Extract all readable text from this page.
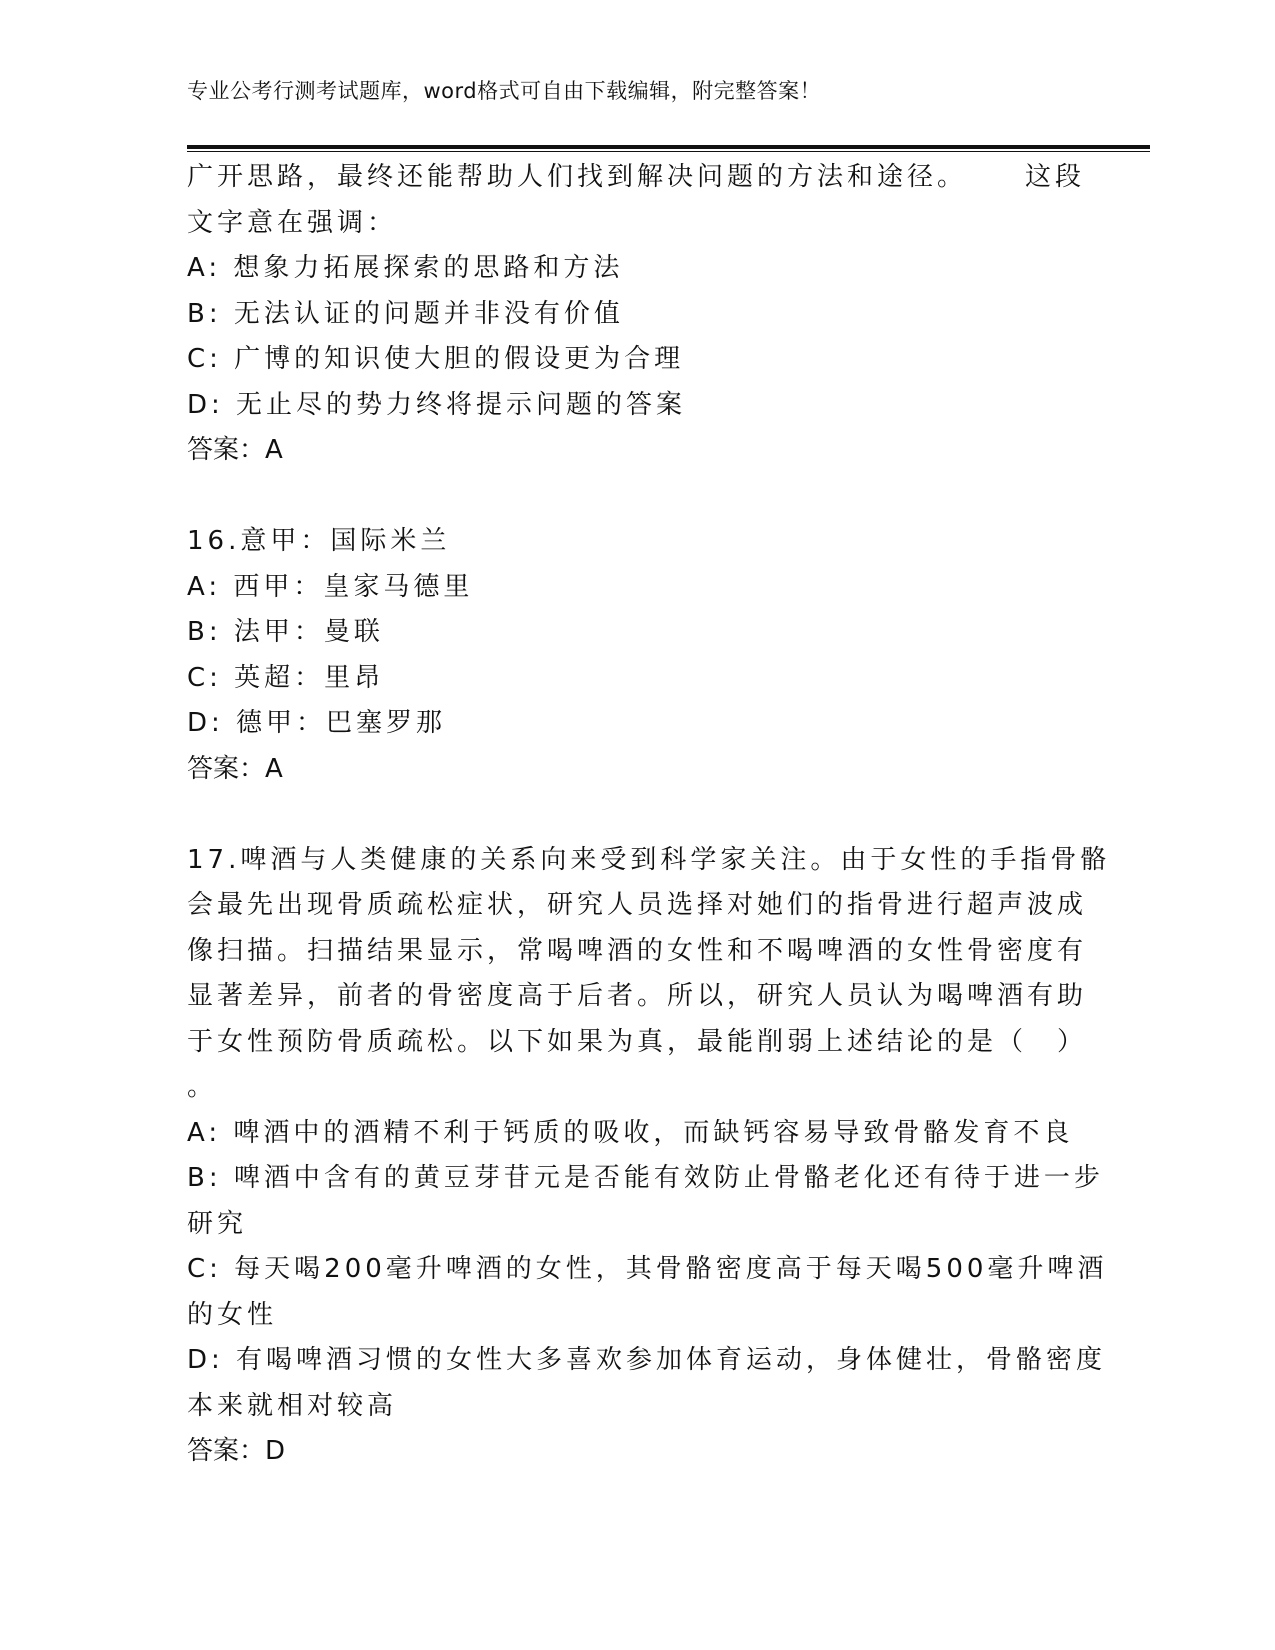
专业公考行测考试题库，word格式可自由下载编辑，附完整答案！
广开思路，最终还能帮助人们找到解决问题的方法和途径。 这段
文字意在强调：
A: 想象力拓展探索的思路和方法
B: 无法认证的问题并非没有价值
C: 广博的知识使大胆的假设更为合理
D: 无止尽的势力终将提示问题的答案
答案：A
16.意甲：国际米兰
A: 西甲：皇家马德里
B: 法甲：曼联
C: 英超：里昂
D: 德甲：巴塞罗那
答案：A
17.啤酒与人类健康的关系向来受到科学家关注。由于女性的手指骨骼
会最先出现骨质疏松症状，研究人员选择对她们的指骨进行超声波成
像扫描。扫描结果显示，常喝啤酒的女性和不喝啤酒的女性骨密度有
显著差异，前者的骨密度高于后者。所以，研究人员认为喝啤酒有助
于女性预防骨质疏松。以下如果为真，最能削弱上述结论的是（　）
。
A: 啤酒中的酒精不利于钙质的吸收，而缺钙容易导致骨骼发育不良
B: 啤酒中含有的黄豆芽苷元是否能有效防止骨骼老化还有待于进一步
研究
C: 每天喝200毫升啤酒的女性，其骨骼密度高于每天喝500毫升啤酒
的女性
D: 有喝啤酒习惯的女性大多喜欢参加体育运动，身体健壮，骨骼密度
本来就相对较高
答案：D
